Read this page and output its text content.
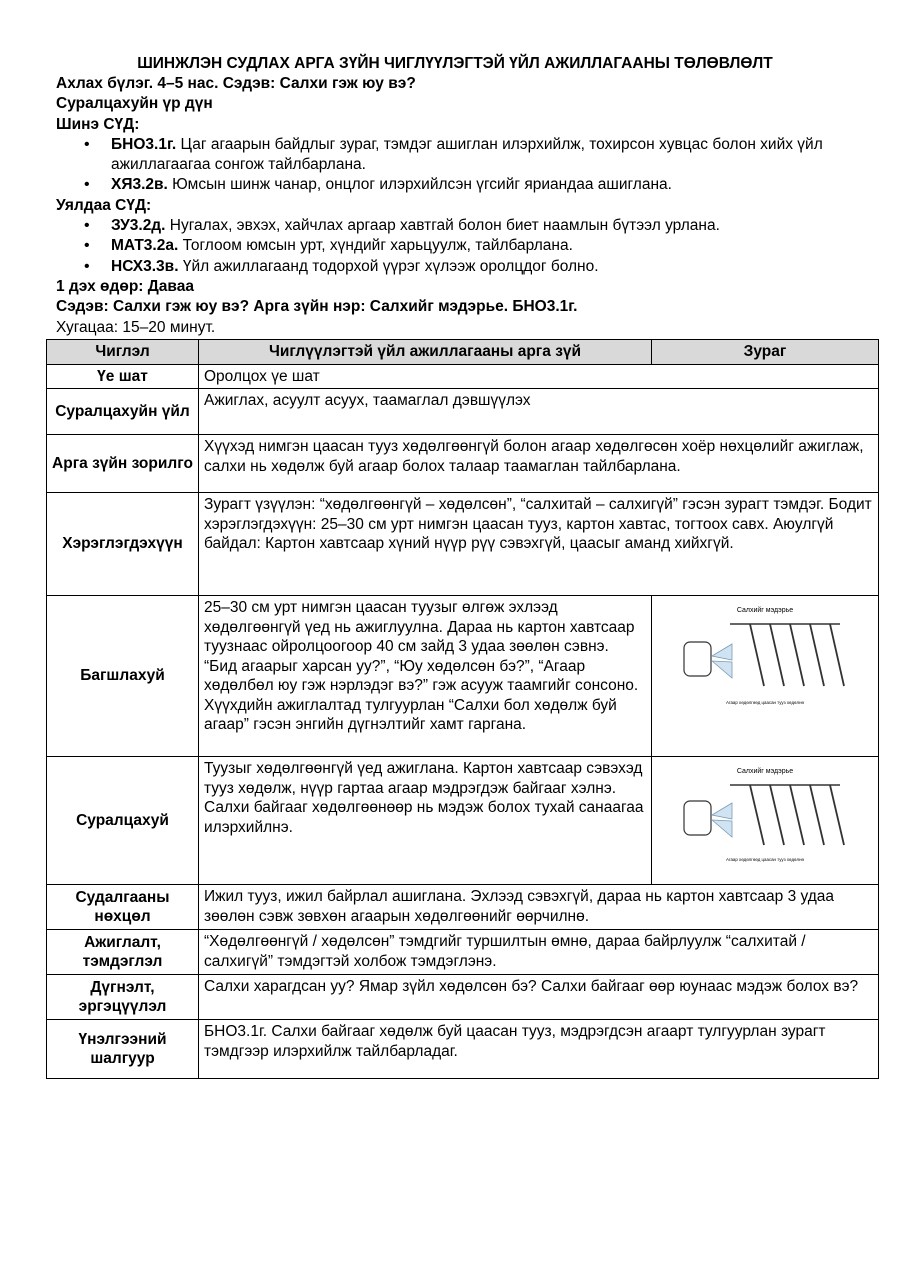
ШИНЖЛЭН СУДЛАХ АРГА ЗҮЙН ЧИГЛҮҮЛЭГТЭЙ ҮЙЛ АЖИЛЛАГААНЫ ТӨЛӨВЛӨЛТ
Ахлах бүлэг. 4–5 нас. Сэдэв: Салхи гэж юу вэ?
Суралцахуйн үр дүн
Шинэ СҮД:
• БНО3.1г. Цаг агаарын байдлыг зураг, тэмдэг ашиглан илэрхийлж, тохирсон хувцас болон хийх үйл ажиллагаагаа сонгож тайлбарлана.
• ХЯ3.2в. Юмсын шинж чанар, онцлог илэрхийлсэн үгсийг яриандаа ашиглана.
Уялдаа СҮД:
• ЗУ3.2д. Нугалах, эвхэх, хайчлах аргаар хавтгай болон биет наамлын бүтээл урлана.
• МАТ3.2а. Тоглоом юмсын урт, хүндийг харьцуулж, тайлбарлана.
• НСХ3.3в. Үйл ажиллагаанд тодорхой үүрэг хүлээж оролцдог болно.
1 дэх өдөр: Даваа
Сэдэв: Салхи гэж юу вэ? Арга зүйн нэр: Салхийг мэдэрье. БНО3.1г.
Хугацаа: 15–20 минут.
Чиглэл	Чиглүүлэгтэй үйл ажиллагааны арга зүй	Зураг
Үе шат	Оролцох үе шат	
Суралцахуйн үйл	Ажиглах, асуулт асуух, таамаглал дэвшүүлэх	
Арга зүйн зорилго	Хүүхэд нимгэн цаасан тууз хөдөлгөөнгүй болон агаар хөдөлгөсөн хоёр нөхцөлийг ажиглаж, салхи нь хөдөлж буй агаар болох талаар таамаглан тайлбарлана.	
Хэрэглэгдэхүүн	Зурагт үзүүлэн: “хөдөлгөөнгүй – хөдөлсөн”, “салхитай – салхигүй” гэсэн зурагт тэмдэг. Бодит хэрэглэгдэхүүн: 25–30 см урт нимгэн цаасан тууз, картон хавтас, тогтоох савх. Аюулгүй байдал: Картон хавтсаар хүний нүүр рүү сэвэхгүй, цаасыг аманд хийхгүй.	
Багшлахуй	25–30 см урт нимгэн цаасан туузыг өлгөж эхлээд хөдөлгөөнгүй үед нь ажиглуулна. Дараа нь картон хавтсаар туузнаас ойролцоогоор 40 см зайд 3 удаа зөөлөн сэвнэ. “Бид агаарыг харсан уу?”, “Юу хөдөлсөн бэ?”, “Агаар хөдөлбөл юу гэж нэрлэдэг вэ?” гэж асууж таамгийг сонсоно. Хүүхдийн ажиглалтад тулгуурлан “Салхи бол хөдөлж буй агаар” гэсэн энгийн дүгнэлтийг хамт гаргана.	Салхийг мэдэрье
Агаар хөдөлгөөд цаасан тууз хөдөлнө

Суралцахуй	Туузыг хөдөлгөөнгүй үед ажиглана. Картон хавтсаар сэвэхэд тууз хөдөлж, нүүр гартаа агаар мэдрэгдэж байгааг хэлнэ. Салхи байгааг хөдөлгөөнөөр нь мэдэж болох тухай санаагаа илэрхийлнэ.	Салхийг мэдэрье
Агаар хөдөлгөөд цаасан тууз хөдөлнө

Судалгааны нөхцөл	Ижил тууз, ижил байрлал ашиглана. Эхлээд сэвэхгүй, дараа нь картон хавтсаар 3 удаа зөөлөн сэвж зөвхөн агаарын хөдөлгөөнийг өөрчилнө.	
Ажиглалт, тэмдэглэл	“Хөдөлгөөнгүй / хөдөлсөн” тэмдгийг туршилтын өмнө, дараа байрлуулж “салхитай / салхигүй” тэмдэгтэй холбож тэмдэглэнэ.	
Дүгнэлт, эргэцүүлэл	Салхи харагдсан уу? Ямар зүйл хөдөлсөн бэ? Салхи байгааг өөр юунаас мэдэж болох вэ?	
Үнэлгээний шалгуур	БНО3.1г. Салхи байгааг хөдөлж буй цаасан тууз, мэдрэгдсэн агаарт тулгуурлан зурагт тэмдгээр илэрхийлж тайлбарладаг.	
